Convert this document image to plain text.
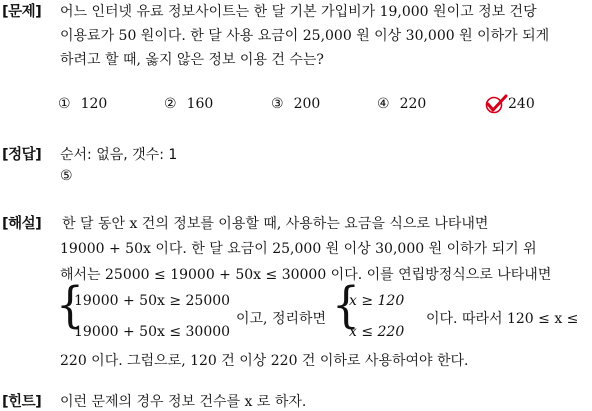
[문제] 어느 인터넷 유료 정보사이트는 한 달 기본 가입비가 19,000 원이고 정보 건당
이용료가 50 원이다. 한 달 사용 요금이 25,000 원 이상 30,000 원 이하가 되게
하려고 할 때, 옳지 않은 정보 이용 건 수는?
① 120	② 160	③ 200	④ 220	240
[정답] 순서: 없음, 갯수: 1
⑤
[해설] 한 달 동안 x 건의 정보를 이용할 때, 사용하는 요금을 식으로 나타내면
19000 + 50x 이다. 한 달 요금이 25,000 원 이상 30,000 원 이하가 되기 위
해서는 25000 ≤ 19000 + 50x ≤ 30000 이다. 이를 연립방정식으로 나타내면
{
19000 + 50x ≥ 25000
19000 + 50x ≤ 30000
이고, 정리하면 {
x ≥ 120
x ≤ 220
이다. 따라서 120 ≤ x ≤
220 이다. 그럼으로, 120 건 이상 220 건 이하로 사용하여야 한다.
[힌트] 이런 문제의 경우 정보 건수를 x 로 하자.
